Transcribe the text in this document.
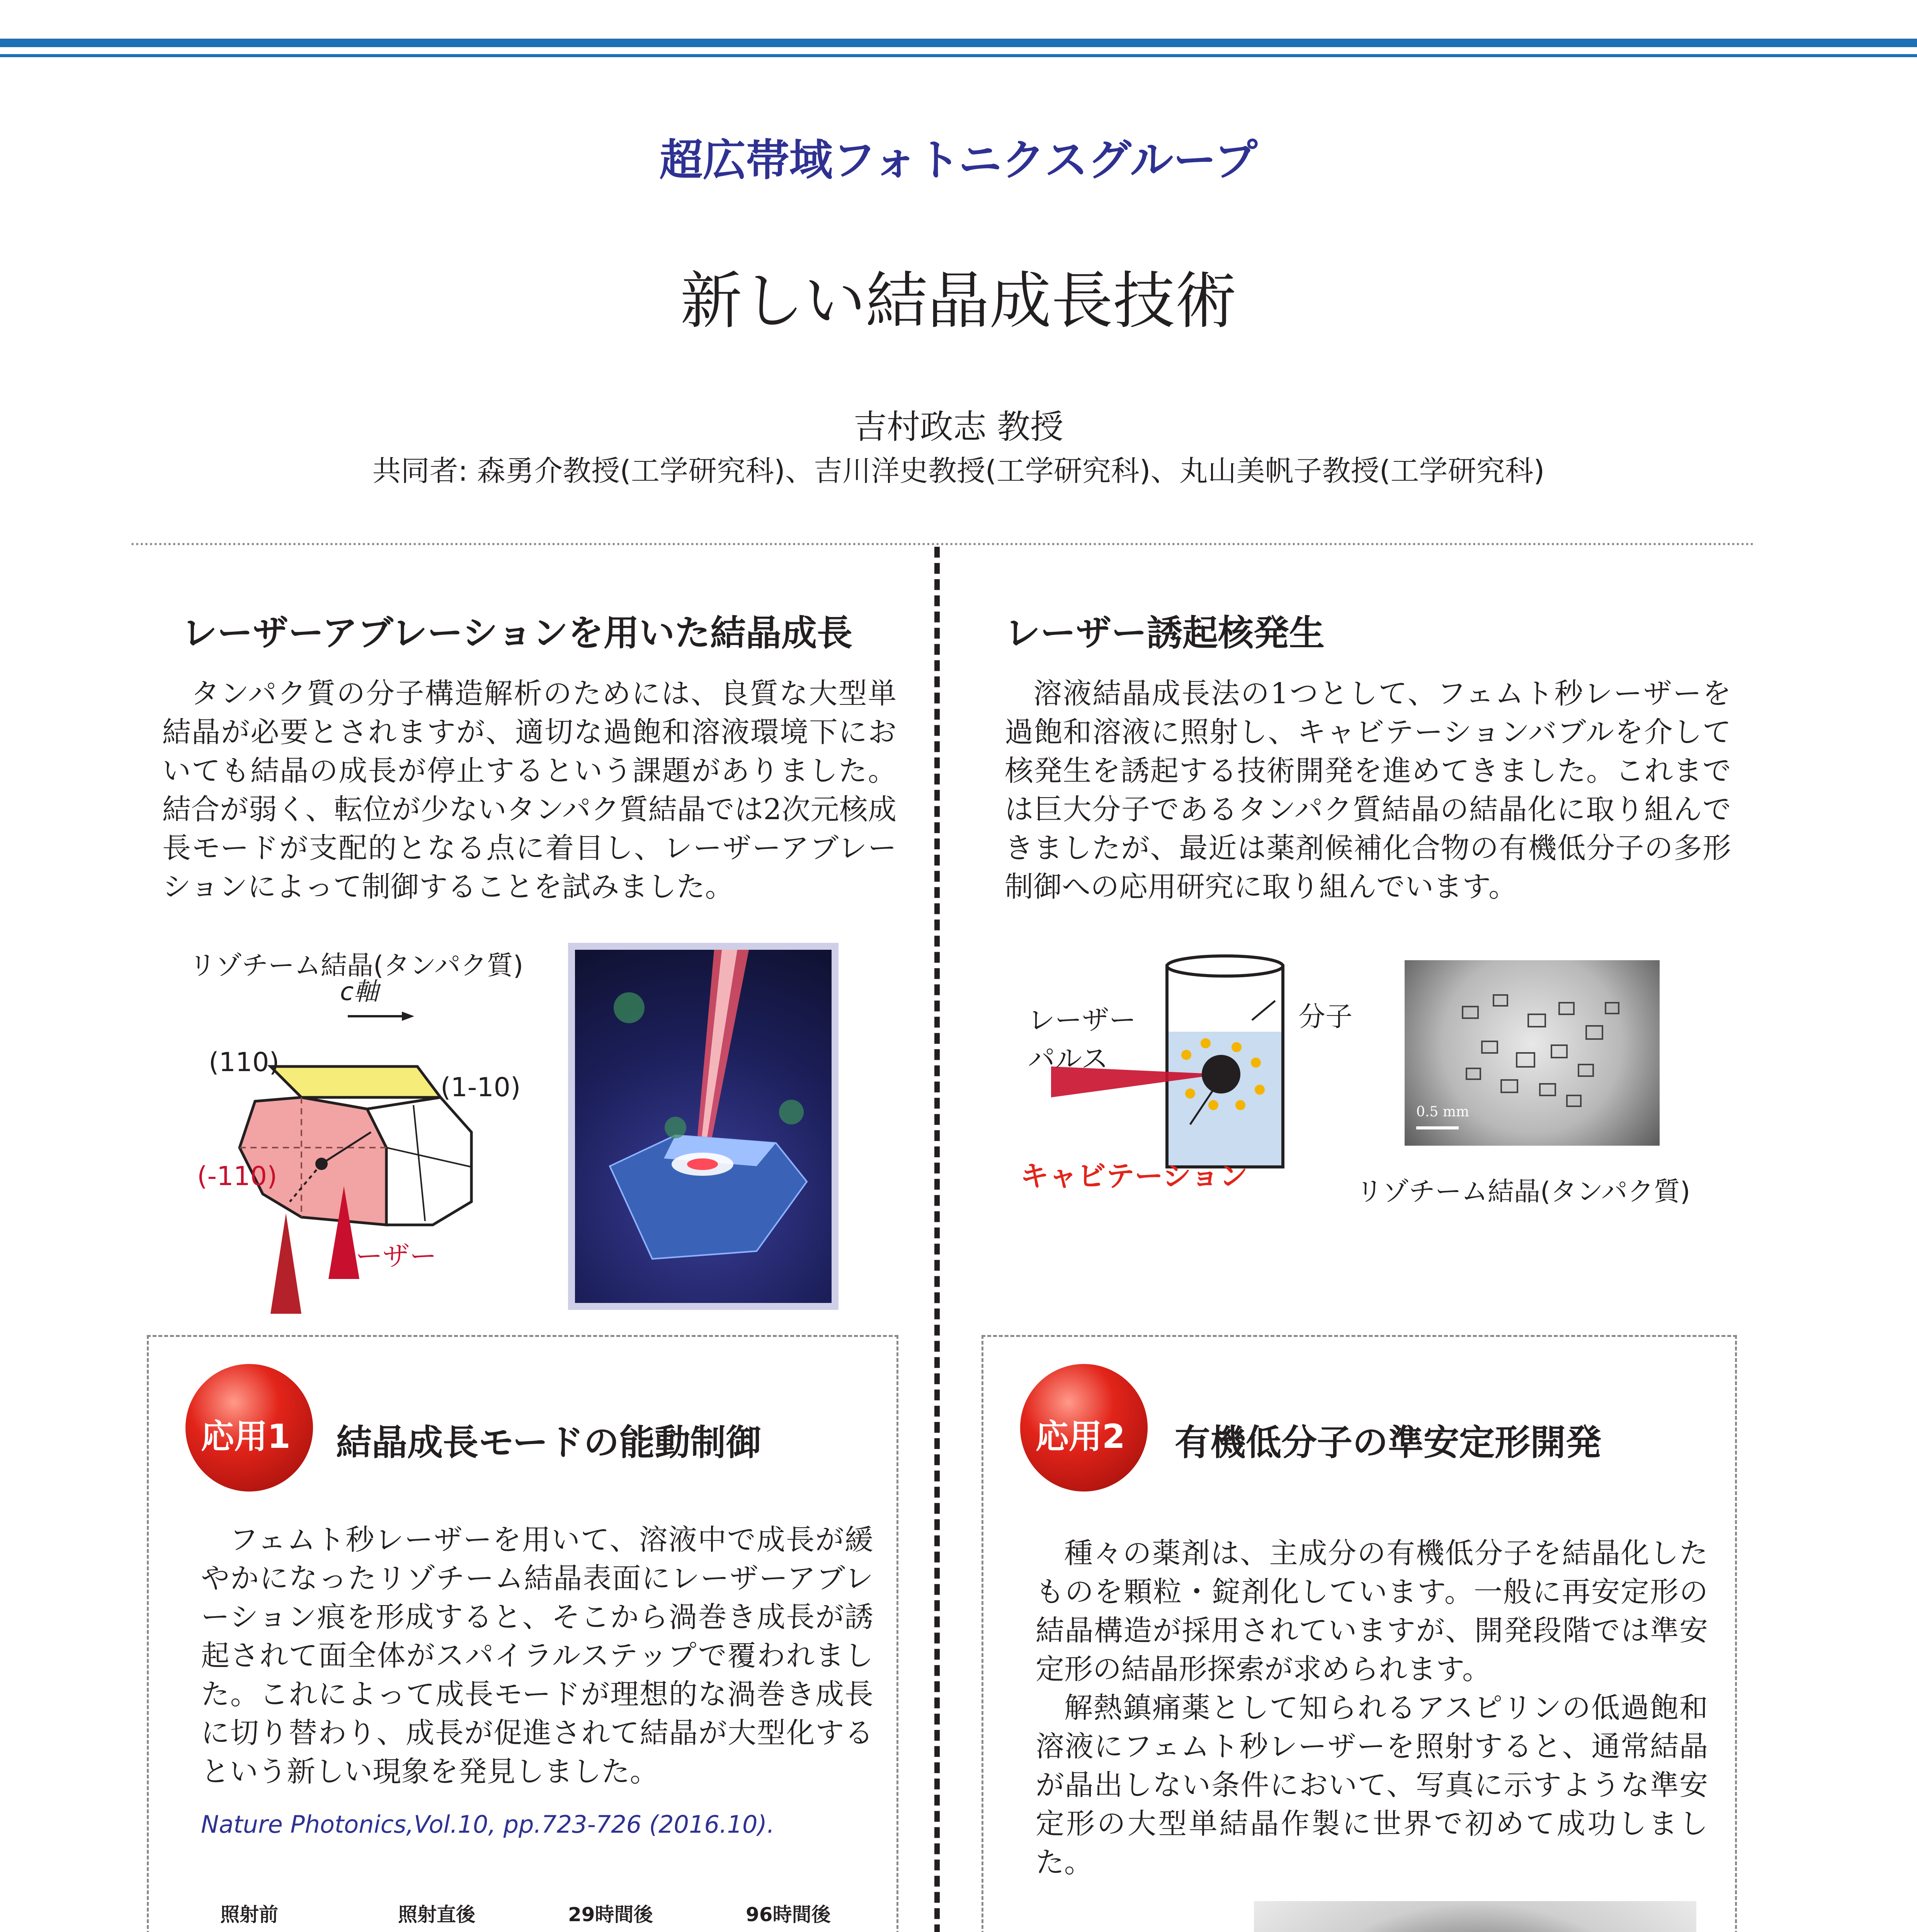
超広帯域フォトニクスグループ
新しい結晶成長技術
吉村政志 教授
共同者: 森勇介教授(工学研究科)、吉川洋史教授(工学研究科)、丸山美帆子教授(工学研究科)
レーザーアブレーションを用いた結晶成長

タンパク質の分子構造解析のためには、良質な大型単結晶が必要とされますが、適切な過飽和溶液環境下においても結晶の成長が停止するという課題がありました。結合が弱く、転位が少ないタンパク質結晶では2次元核成長モードが支配的となる点に着目し、レーザーアブレーションによって制御することを試みました。

リゾチーム結晶(タンパク質)
(110)
(1-10)
(-110)
c軸
レーザー
レーザー誘起核発生

溶液結晶成長法の1つとして、フェムト秒レーザーを過飽和溶液に照射し、キャビテーションバブルを介して核発生を誘起する技術開発を進めてきました。これまでは巨大分子であるタンパク質結晶の結晶化に取り組んできましたが、最近は薬剤候補化合物の有機低分子の多形制御への応用研究に取り組んでいます。

レーザー
パルス
分子
キャビテーション
0.5 mm
リゾチーム結晶(タンパク質)
応用1 結晶成長モードの能動制御

フェムト秒レーザーを用いて、溶液中で成長が緩やかになったリゾチーム結晶表面にレーザーアブレーション痕を形成すると、そこから渦巻き成長が誘起されて面全体がスパイラルステップで覆われました。これによって成長モードが理想的な渦巻き成長に切り替わり、成長が促進されて結晶が大型化するという新しい現象を発見しました。

Nature Photonics,Vol.10, pp.723-726 (2016.10).
照射前	照射直後	29時間後	96時間後
応用2 有機低分子の準安定形開発

種々の薬剤は、主成分の有機低分子を結晶化したものを顆粒・錠剤化しています。一般に再安定形の結晶構造が採用されていますが、開発段階では準安定形の結晶形探索が求められます。

解熱鎮痛薬として知られるアスピリンの低過飽和溶液にフェムト秒レーザーを照射すると、通常結晶が晶出しない条件において、写真に示すような準安定形の大型単結晶作製に世界で初めて成功しました。
